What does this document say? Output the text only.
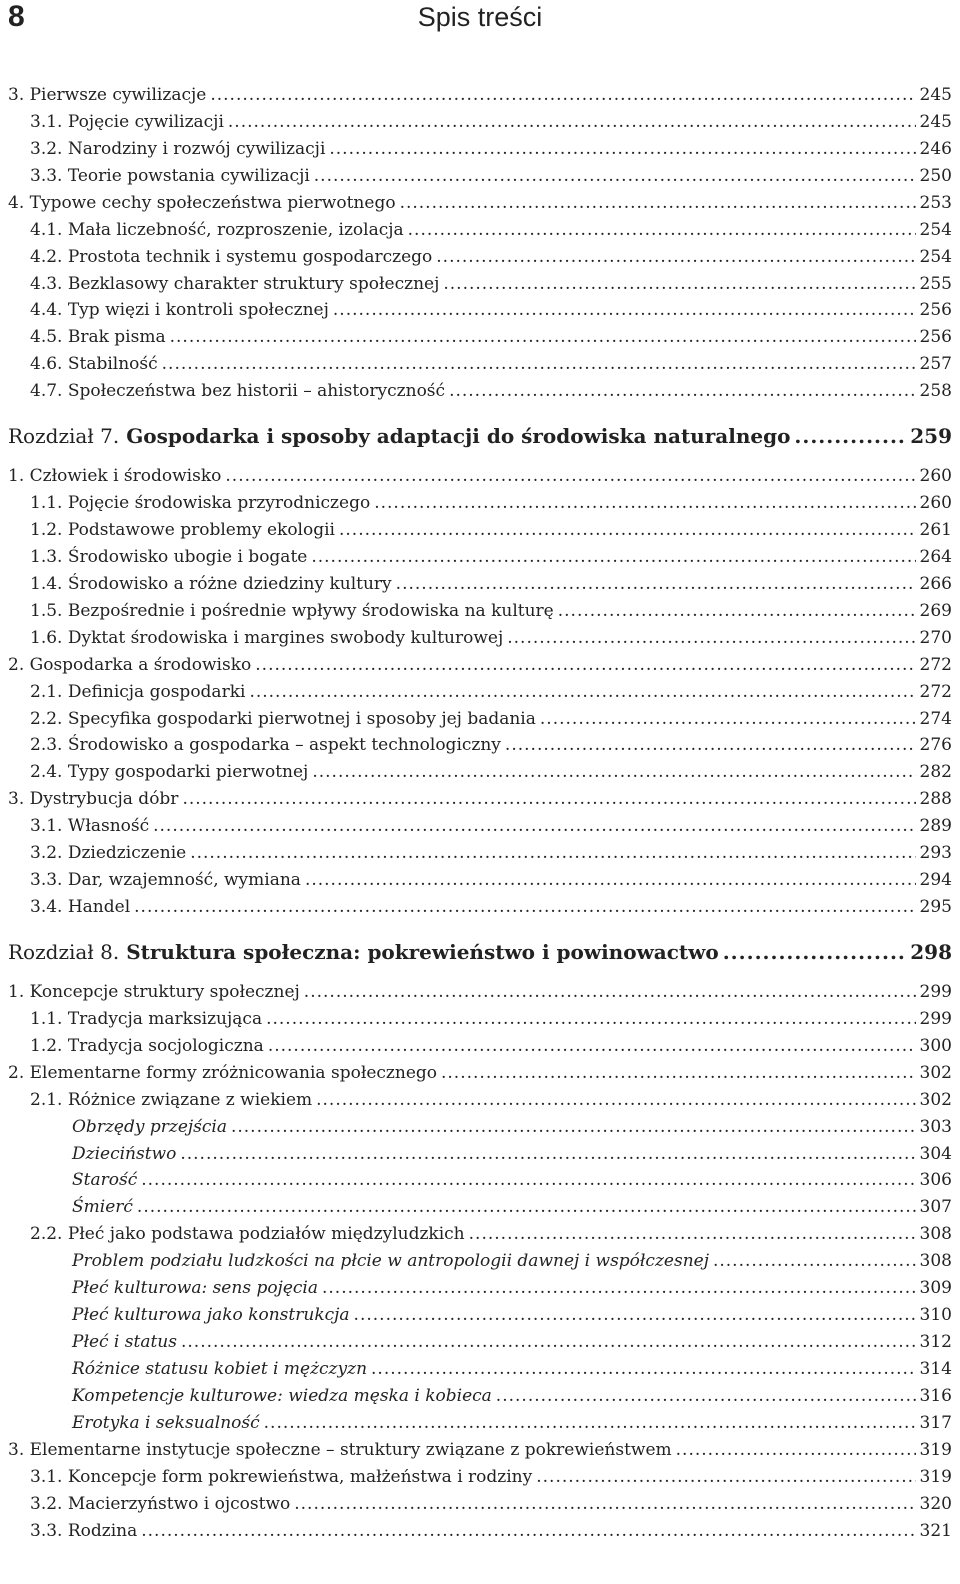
8	Spis treści
3. Pierwsze cywilizacje .....	245
3.1. Pojęcie cywilizacji .....	245
3.2. Narodziny i rozwój cywilizacji .....	246
3.3. Teorie powstania cywilizacji .....	250
4. Typowe cechy społeczeństwa pierwotnego .....	253
4.1. Mała liczebność, rozproszenie, izolacja .....	254
4.2. Prostota technik i systemu gospodarczego .....	254
4.3. Bezklasowy charakter struktury społecznej .....	255
4.4. Typ więzi i kontroli społecznej .....	256
4.5. Brak pisma .....	256
4.6. Stabilność .....	257
4.7. Społeczeństwa bez historii – ahistoryczność .....	258
Rozdział 7. Gospodarka i sposoby adaptacji do środowiska naturalnego .....	259
1. Człowiek i środowisko .....	260
1.1. Pojęcie środowiska przyrodniczego .....	260
1.2. Podstawowe problemy ekologii .....	261
1.3. Środowisko ubogie i bogate .....	264
1.4. Środowisko a różne dziedziny kultury .....	266
1.5. Bezpośrednie i pośrednie wpływy środowiska na kulturę .....	269
1.6. Dyktat środowiska i margines swobody kulturowej .....	270
2. Gospodarka a środowisko .....	272
2.1. Definicja gospodarki .....	272
2.2. Specyfika gospodarki pierwotnej i sposoby jej badania .....	274
2.3. Środowisko a gospodarka – aspekt technologiczny .....	276
2.4. Typy gospodarki pierwotnej .....	282
3. Dystrybucja dóbr .....	288
3.1. Własność .....	289
3.2. Dziedziczenie .....	293
3.3. Dar, wzajemność, wymiana .....	294
3.4. Handel .....	295
Rozdział 8. Struktura społeczna: pokrewieństwo i powinowactwo .....	298
1. Koncepcje struktury społecznej .....	299
1.1. Tradycja marksizująca .....	299
1.2. Tradycja socjologiczna .....	300
2. Elementarne formy zróżnicowania społecznego .....	302
2.1. Różnice związane z wiekiem .....	302
Obrzędy przejścia .....	303
Dzieciństwo .....	304
Starość .....	306
Śmierć .....	307
2.2. Płeć jako podstawa podziałów międzyludzkich .....	308
Problem podziału ludzkości na płcie w antropologii dawnej i współczesnej .....	308
Płeć kulturowa: sens pojęcia .....	309
Płeć kulturowa jako konstrukcja .....	310
Płeć i status .....	312
Różnice statusu kobiet i mężczyzn .....	314
Kompetencje kulturowe: wiedza męska i kobieca .....	316
Erotyka i seksualność .....	317
3. Elementarne instytucje społeczne – struktury związane z pokrewieństwem .....	319
3.1. Koncepcje form pokrewieństwa, małżeństwa i rodziny .....	319
3.2. Macierzyństwo i ojcostwo .....	320
3.3. Rodzina .....	321
